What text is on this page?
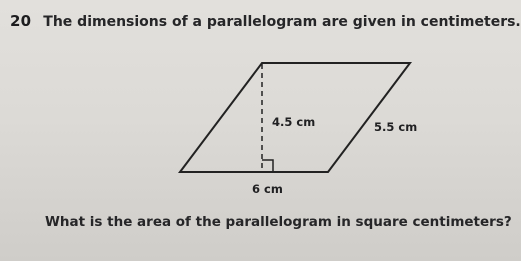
20 The dimensions of a parallelogram are given in centimeters.
4.5 cm	5.5 cm
6 cm
What is the area of the parallelogram in square centimeters?
